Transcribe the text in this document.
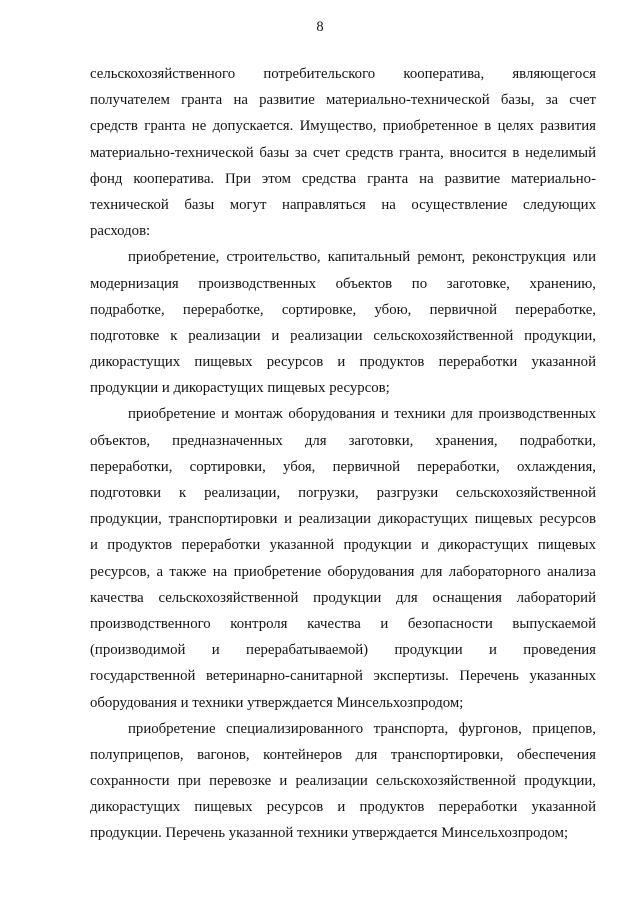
8
сельскохозяйственного потребительского кооператива, являющегося
получателем гранта на развитие материально-технической базы, за счет
средств гранта не допускается. Имущество, приобретенное в целях развития
материально-технической базы за счет средств гранта, вносится в неделимый
фонд кооператива. При этом средства гранта на развитие материально-
технической базы могут направляться на осуществление следующих
расходов:
приобретение, строительство, капитальный ремонт, реконструкция или
модернизация производственных объектов по заготовке, хранению,
подработке, переработке, сортировке, убою, первичной переработке,
подготовке к реализации и реализации сельскохозяйственной продукции,
дикорастущих пищевых ресурсов и продуктов переработки указанной
продукции и дикорастущих пищевых ресурсов;
приобретение и монтаж оборудования и техники для производственных
объектов, предназначенных для заготовки, хранения, подработки,
переработки, сортировки, убоя, первичной переработки, охлаждения,
подготовки к реализации, погрузки, разгрузки сельскохозяйственной
продукции, транспортировки и реализации дикорастущих пищевых ресурсов
и продуктов переработки указанной продукции и дикорастущих пищевых
ресурсов, а также на приобретение оборудования для лабораторного анализа
качества сельскохозяйственной продукции для оснащения лабораторий
производственного контроля качества и безопасности выпускаемой
(производимой и перерабатываемой) продукции и проведения
государственной ветеринарно-санитарной экспертизы. Перечень указанных
оборудования и техники утверждается Минсельхозпродом;
приобретение специализированного транспорта, фургонов, прицепов,
полуприцепов, вагонов, контейнеров для транспортировки, обеспечения
сохранности при перевозке и реализации сельскохозяйственной продукции,
дикорастущих пищевых ресурсов и продуктов переработки указанной
продукции. Перечень указанной техники утверждается Минсельхозпродом;
